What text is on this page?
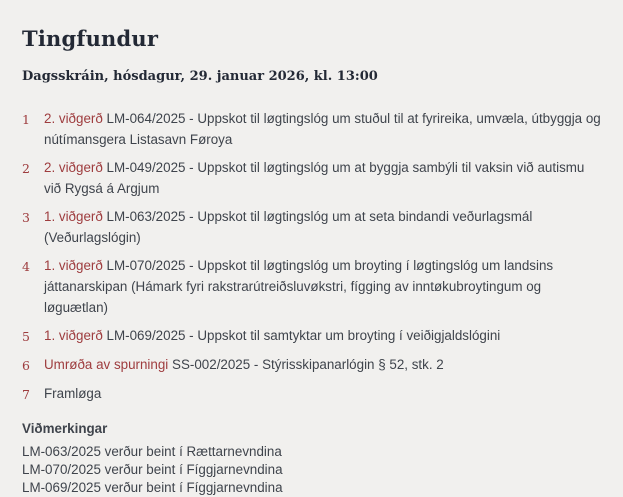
Tingfundur

Dagsskráin, hósdagur, 29. januar 2026, kl. 13:00

1	2. viðgerð LM-064/2025 - Uppskot til løgtingslóg um stuðul til at fyrireika, umvæla, útbyggja og nútímansgera Listasavn Føroya
2	2. viðgerð LM-049/2025 - Uppskot til løgtingslóg um at byggja sambýli til vaksin við autismu við Rygsá á Argjum
3	1. viðgerð LM-063/2025 - Uppskot til løgtingslóg um at seta bindandi veðurlagsmál (Veðurlagslógin)
4	1. viðgerð LM-070/2025 - Uppskot til løgtingslóg um broyting í løgtingslóg um landsins játtanarskipan (Hámark fyri rakstrarútreiðsluvøkstri, fígging av inntøkubroytingum og løguætlan)
5	1. viðgerð LM-069/2025 - Uppskot til samtyktar um broyting í veiðigjaldslógini
6	Umrøða av spurningi SS-002/2025 - Stýrisskipanarlógin § 52, stk. 2
7	Framløga

Viðmerkingar

LM-063/2025 verður beint í Rættarnevndina

LM-070/2025 verður beint í Fíggjarnevndina

LM-069/2025 verður beint í Fíggjarnevndina
